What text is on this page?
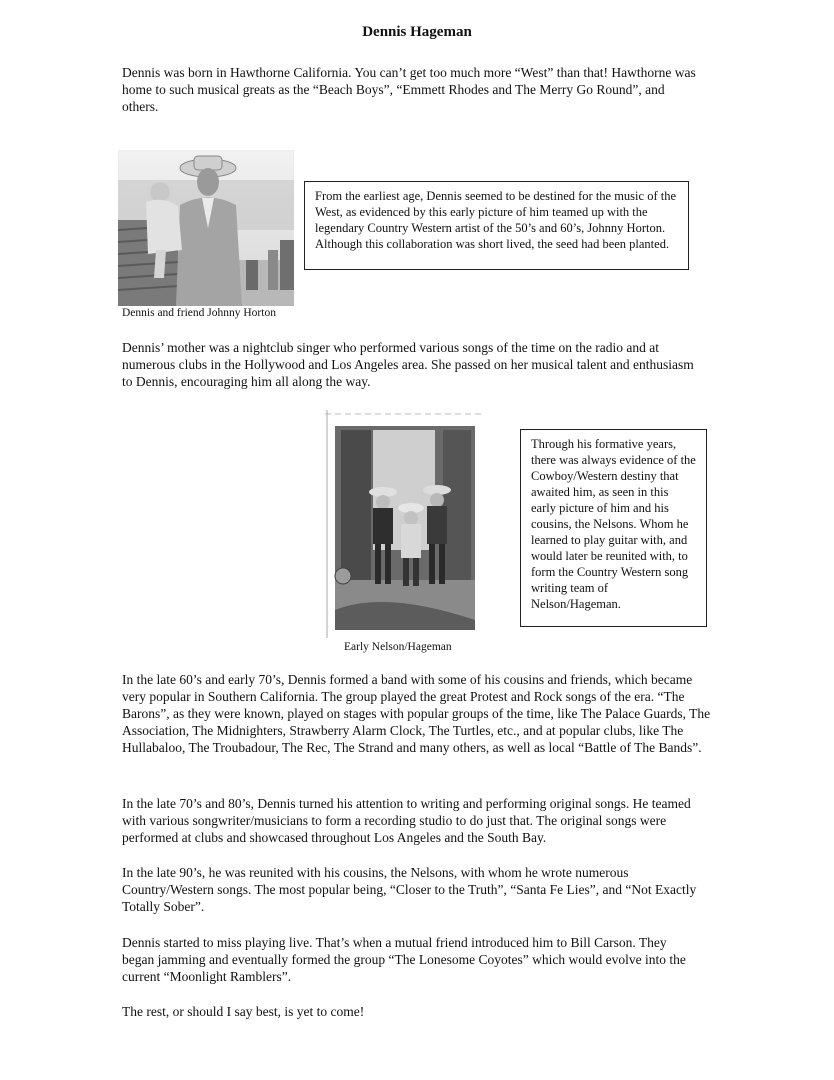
Dennis Hageman

Dennis was born in Hawthorne California. You can’t get too much more “West” than that! Hawthorne was home to such musical greats as the “Beach Boys”, “Emmett Rhodes and The Merry Go Round”, and others.

Dennis and friend Johnny Horton
From the earliest age, Dennis seemed to be destined for the music of the West, as evidenced by this early picture of him teamed up with the legendary Country Western artist of the 50’s and 60’s, Johnny Horton. Although this collaboration was short lived, the seed had been planted.

Dennis’ mother was a nightclub singer who performed various songs of the time on the radio and at numerous clubs in the Hollywood and Los Angeles area. She passed on her musical talent and enthusiasm to Dennis, encouraging him all along the way.

Early Nelson/Hageman
Through his formative years, there was always evidence of the Cowboy/Western destiny that awaited him, as seen in this early picture of him and his cousins, the Nelsons. Whom he learned to play guitar with, and would later be reunited with, to form the Country Western song writing team of Nelson/Hageman.

In the late 60’s and early 70’s, Dennis formed a band with some of his cousins and friends, which became very popular in Southern California. The group played the great Protest and Rock songs of the era. “The Barons”, as they were known, played on stages with popular groups of the time, like The Palace Guards, The Association, The Midnighters, Strawberry Alarm Clock, The Turtles, etc., and at popular clubs, like The Hullabaloo, The Troubadour, The Rec, The Strand and many others, as well as local “Battle of The Bands”.

In the late 70’s and 80’s, Dennis turned his attention to writing and performing original songs. He teamed with various songwriter/musicians to form a recording studio to do just that. The original songs were performed at clubs and showcased throughout Los Angeles and the South Bay.

In the late 90’s, he was reunited with his cousins, the Nelsons, with whom he wrote numerous Country/Western songs. The most popular being, “Closer to the Truth”, “Santa Fe Lies”, and “Not Exactly Totally Sober”.

Dennis started to miss playing live. That’s when a mutual friend introduced him to Bill Carson. They began jamming and eventually formed the group “The Lonesome Coyotes” which would evolve into the current “Moonlight Ramblers”.

The rest, or should I say best, is yet to come!
